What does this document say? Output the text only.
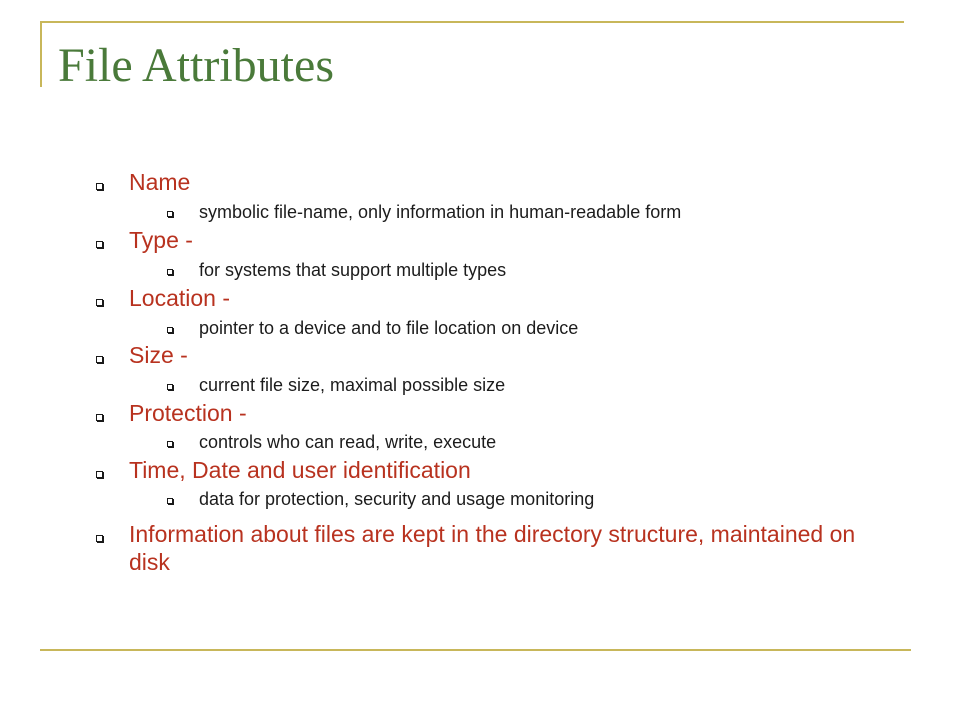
File Attributes
Name
symbolic file-name, only information in human-readable form
Type -
for systems that support multiple types
Location -
pointer to a device and to file location on device
Size -
current file size, maximal possible size
Protection -
controls who can read, write, execute
Time, Date and user identification
data for protection, security and usage monitoring
Information about files are kept in the directory structure, maintained on disk
